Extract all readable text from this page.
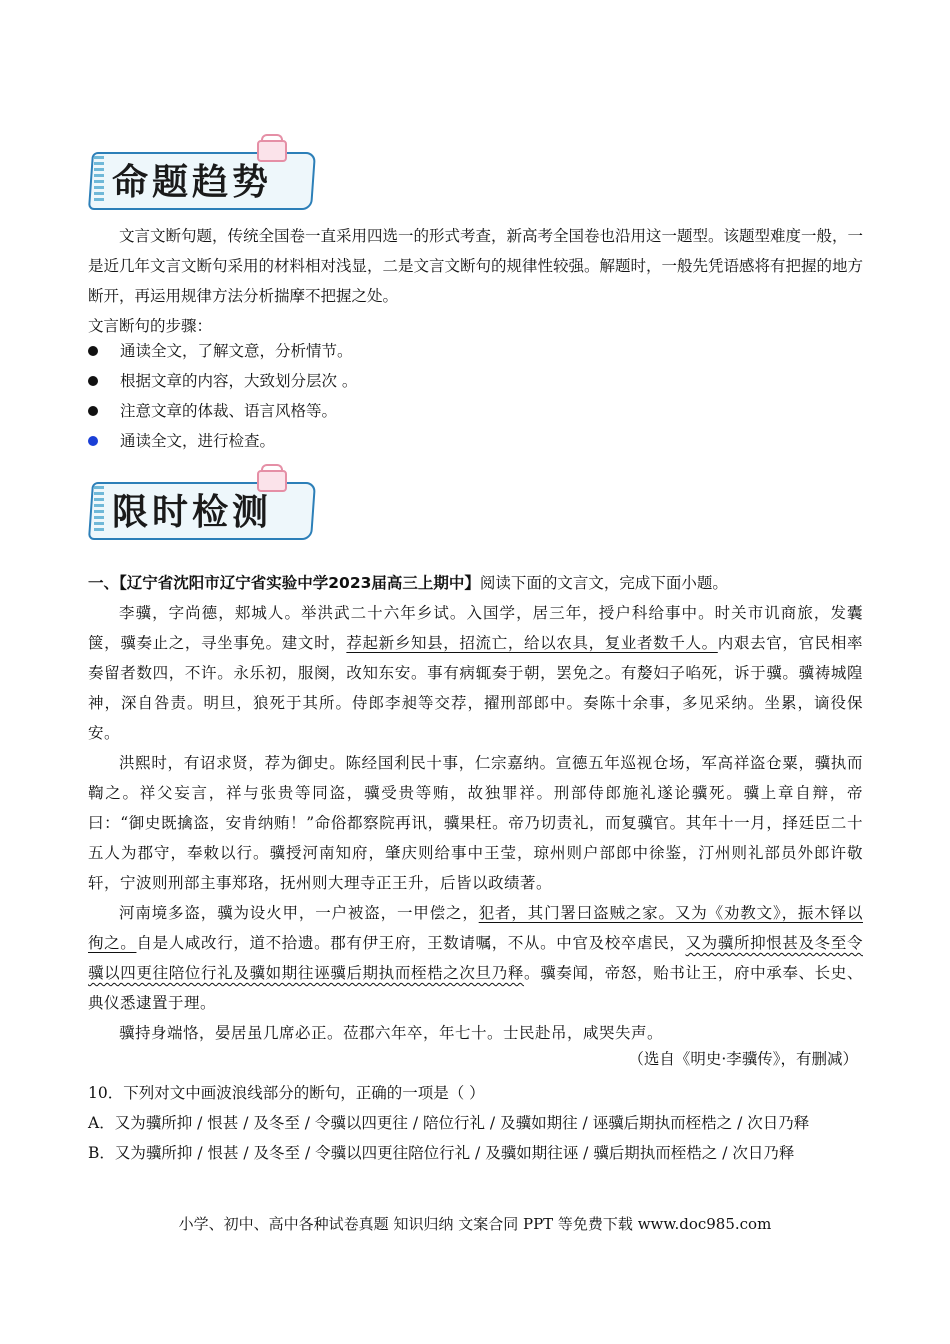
命题趋势
文言文断句题，传统全国卷一直采用四选一的形式考查，新高考全国卷也沿用这一题型。该题型难度一般，一是近几年文言文断句采用的材料相对浅显，二是文言文断句的规律性较强。解题时，一般先凭语感将有把握的地方断开，再运用规律方法分析揣摩不把握之处。
文言断句的步骤：
通读全文，了解文意，分析情节。
根据文章的内容，大致划分层次 。
注意文章的体裁、语言风格等。
通读全文，进行检查。
限时检测
一、【辽宁省沈阳市辽宁省实验中学2023届高三上期中】阅读下面的文言文，完成下面小题。

李骥，字尚德，郏城人。举洪武二十六年乡试。入国学，居三年，授户科给事中。时关市讥商旅，发囊箧，骥奏止之，寻坐事免。建文时，荐起新乡知县，招流亡，给以农具，复业者数千人。内艰去官，官民相率奏留者数四，不许。永乐初，服阕，改知东安。事有病辄奏于朝，罢免之。有嫠妇子啗死，诉于骥。骥祷城隍神，深自咎责。明旦，狼死于其所。侍郎李昶等交荐，擢刑部郎中。奏陈十余事，多见采纳。坐累，谪役保安。

洪熙时，有诏求贤，荐为御史。陈经国利民十事，仁宗嘉纳。宣德五年巡视仓场，军高祥盗仓粟，骥执而鞫之。祥父妄言，祥与张贵等同盗，骥受贵等贿，故独罪祥。刑部侍郎施礼遂论骥死。骥上章自辩，帝曰：“御史既擒盗，安肯纳贿！”命俗都察院再讯，骥果枉。帝乃切责礼，而复骥官。其年十一月，择廷臣二十五人为郡守，奉敕以行。骥授河南知府，肇庆则给事中王莹，琼州则户部郎中徐鉴，汀州则礼部员外郎许敬轩，宁波则刑部主事郑珞，抚州则大理寺正王升，后皆以政绩著。

河南境多盗，骥为设火甲，一户被盗，一甲偿之，犯者，其门署曰盗贼之家。又为《劝教文》，振木铎以徇之。自是人咸改行，道不拾遗。郡有伊王府，王数请嘱，不从。中官及校卒虐民，又为骥所抑恨甚及冬至令骥以四更往陪位行礼及骥如期往诬骥后期执而桎梏之次旦乃释。骥奏闻，帝怒，贻书让王，府中承奉、长史、典仪悉逮置于理。

骥持身端恪，晏居虽几席必正。莅郡六年卒，年七十。士民赴吊，咸哭失声。

（选自《明史·李骥传》，有删减）
10．下列对文中画波浪线部分的断句，正确的一项是（ ）
A．又为骥所抑 / 恨甚 / 及冬至 / 令骥以四更往 / 陪位行礼 / 及骥如期往 / 诬骥后期执而桎梏之 / 次日乃释
B．又为骥所抑 / 恨甚 / 及冬至 / 令骥以四更往陪位行礼 / 及骥如期往诬 / 骥后期执而桎梏之 / 次日乃释
小学、初中、高中各种试卷真题 知识归纳 文案合同 PPT 等免费下载 www.doc985.com
